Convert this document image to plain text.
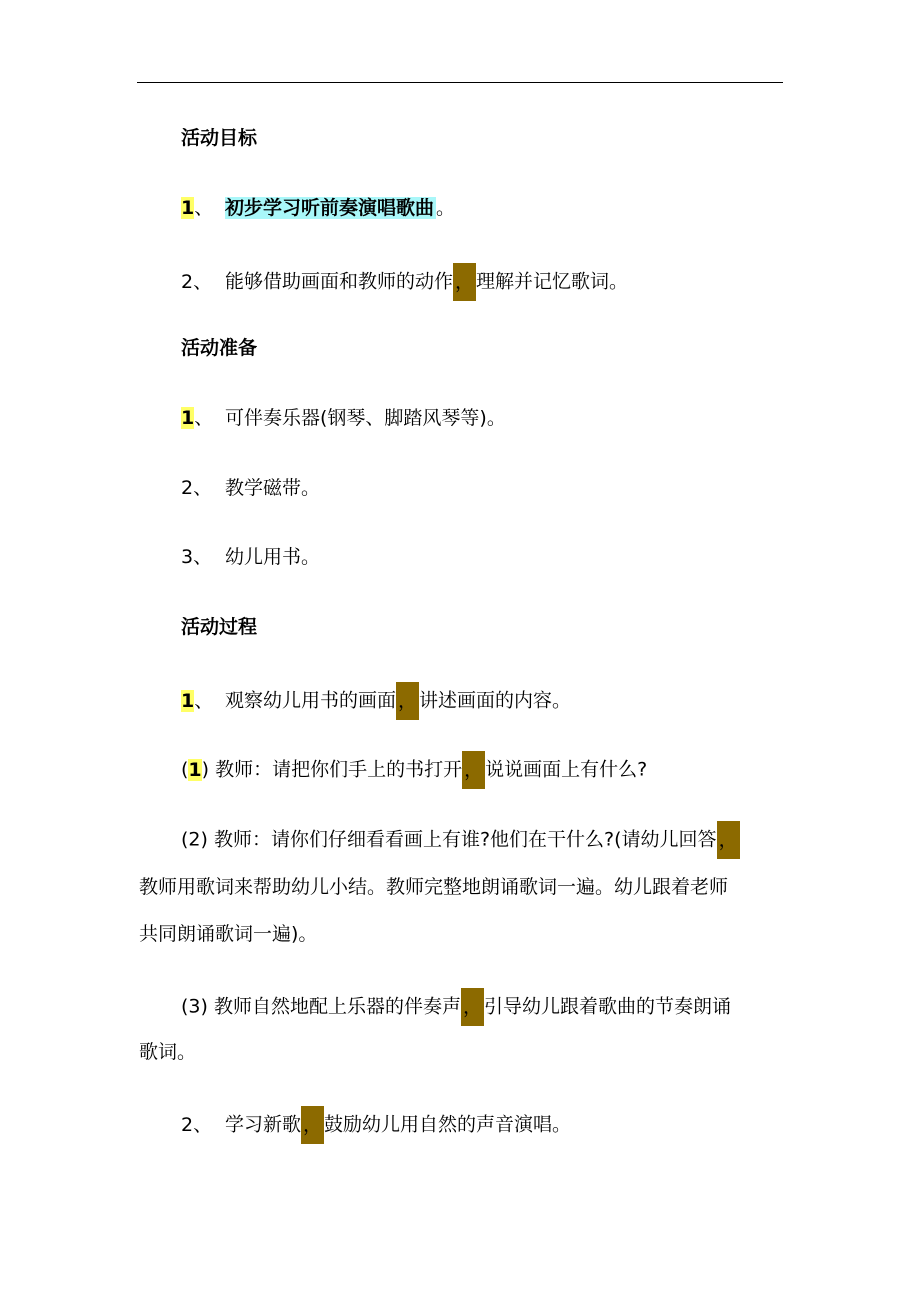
活动目标
1、 初步学习听前奏演唱歌曲 。
2、 能够借助画面和教师的动作 ， 理解并记忆歌词。
活动准备
1、 可伴奏乐器(钢琴、脚踏风琴等)。
2、 教学磁带。
3、 幼儿用书。
活动过程
1、 观察幼儿用书的画面 ， 讲述画面的内容。
(1) 教师：请把你们手上的书打开 ， 说说画面上有什么?
(2) 教师：请你们仔细看看画上有谁?他们在干什么?(请幼儿回答 ，
教师用歌词来帮助幼儿小结。教师完整地朗诵歌词一遍。幼儿跟着老师
共同朗诵歌词一遍)。
(3) 教师自然地配上乐器的伴奏声 ， 引导幼儿跟着歌曲的节奏朗诵
歌词。
2、 学习新歌 ， 鼓励幼儿用自然的声音演唱。
